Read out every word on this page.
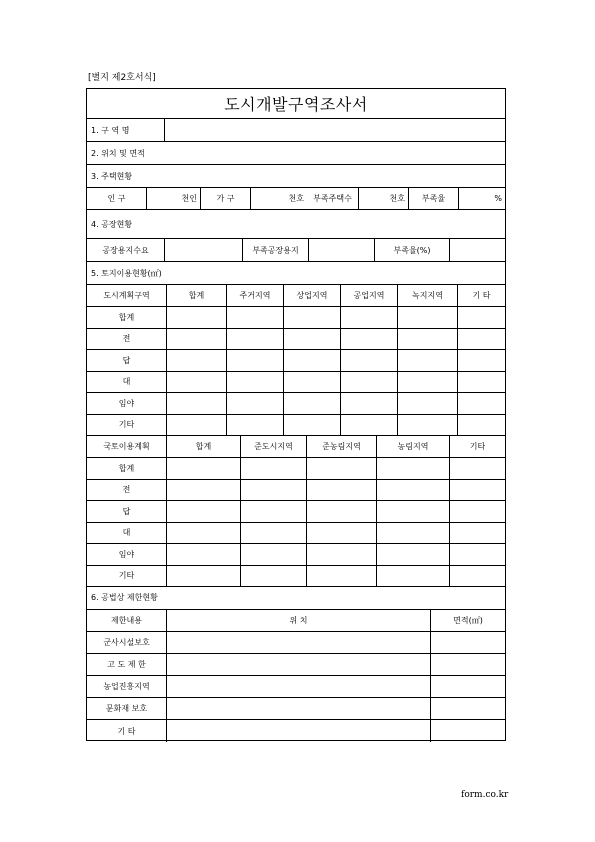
[별지 제2호서식]
도시개발구역조사서
1. 구 역 명
2. 위치 및 면적
3. 주택현황
인 구	천인	가 구	천호	부족주택수	천호	부족율	%
4. 공장현황
공장용지수요	부족공장용지	부족율(%)
5. 토지이용현황(㎡)
도시계획구역	합계	주거지역	상업지역	공업지역	녹지지역	기 타
합계
전
답
대
임야
기타
국토이용계획	합계	준도시지역	준농림지역	농림지역	기타
합계
전
답
대
임야
기타
6. 공법상 제한현황
제한내용	위 치	면적(㎡)
군사시설보호
고 도 제 한
농업진흥지역
문화재 보호
기 타
form.co.kr
